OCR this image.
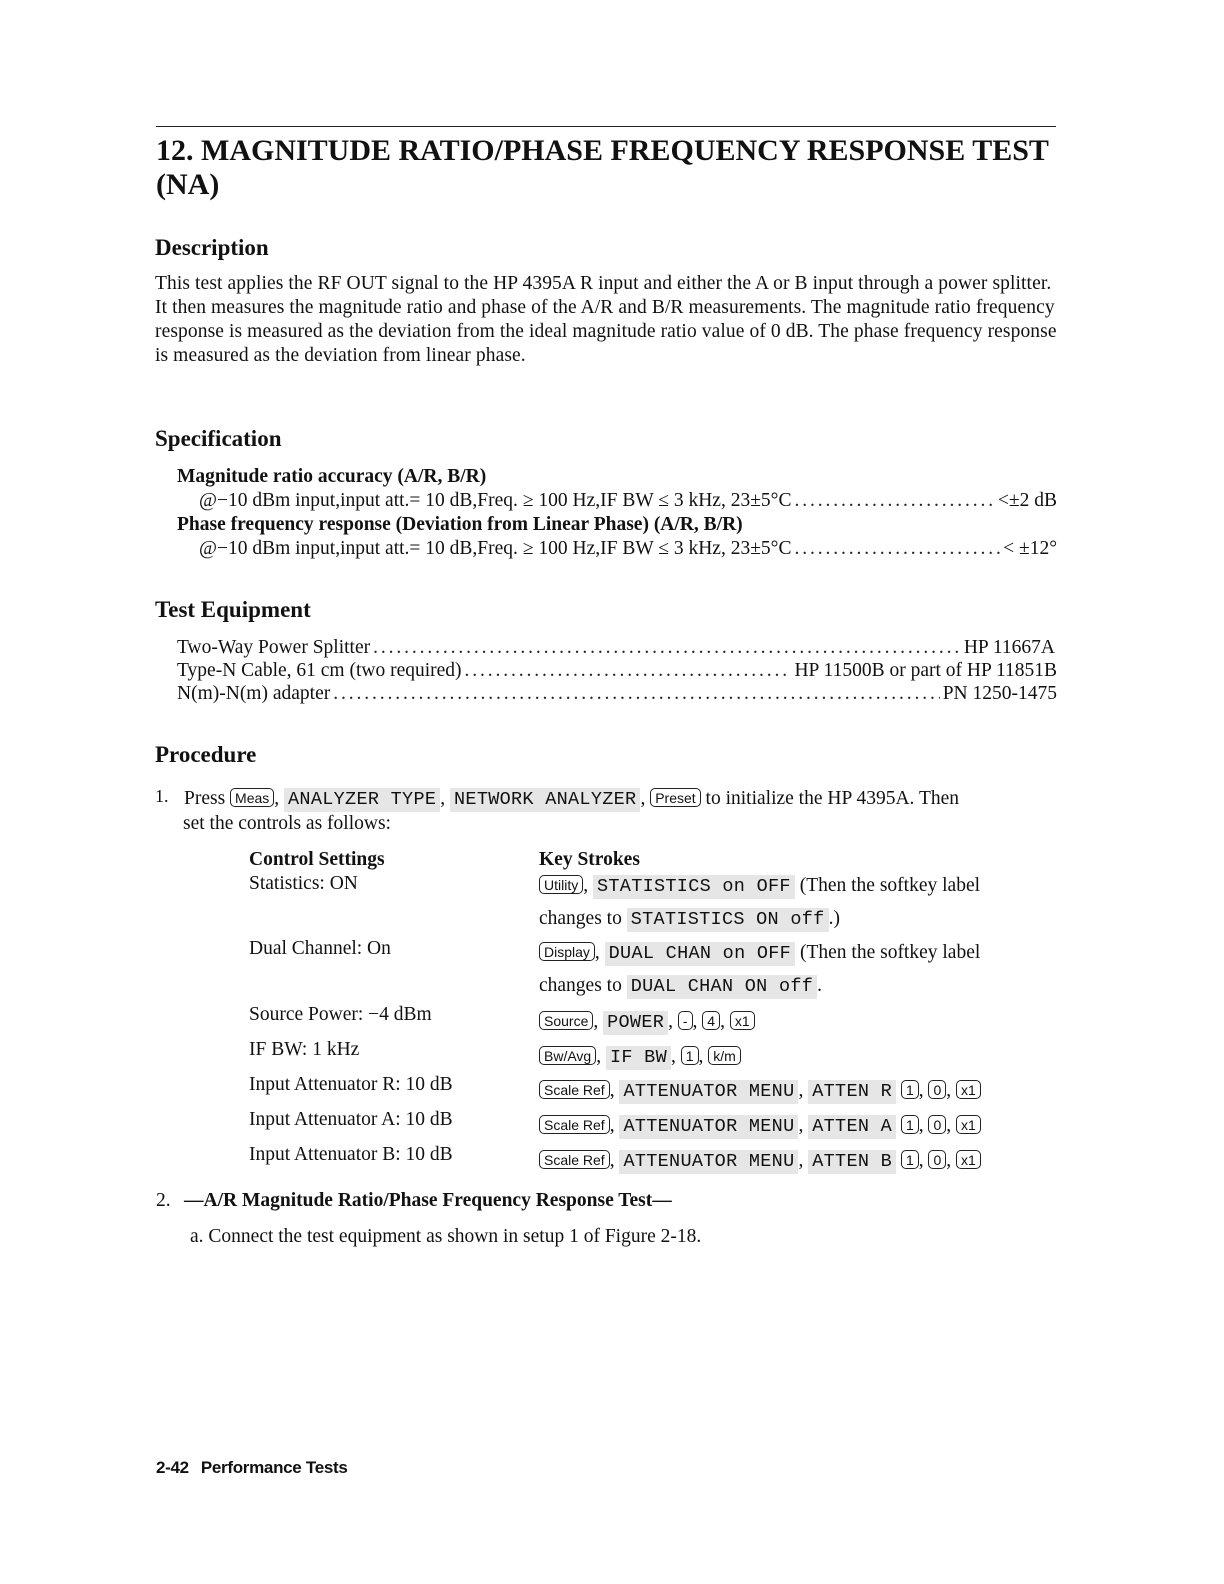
12. MAGNITUDE RATIO/PHASE FREQUENCY RESPONSE TEST (NA)
Description
This test applies the RF OUT signal to the HP 4395A R input and either the A or B input through a power splitter. It then measures the magnitude ratio and phase of the A/R and B/R measurements. The magnitude ratio frequency response is measured as the deviation from the ideal magnitude ratio value of 0 dB. The phase frequency response is measured as the deviation from linear phase.
Specification
Magnitude ratio accuracy (A/R, B/R)
@−10 dBm input,input att.= 10 dB,Freq. ≥ 100 Hz,IF BW ≤ 3 kHz, 23±5°C . . .	<±2 dB
Phase frequency response (Deviation from Linear Phase) (A/R, B/R)
@−10 dBm input,input att.= 10 dB,Freq. ≥ 100 Hz,IF BW ≤ 3 kHz, 23±5°C . . .	< ±12°
Test Equipment
Two-Way Power Splitter . . .	HP 11667A
Type-N Cable, 61 cm (two required) . . .	HP 11500B or part of HP 11851B
N(m)-N(m) adapter . . .	PN 1250-1475
Procedure
1. Press Meas , ANALYZER TYPE , NETWORK ANALYZER , Preset to initialize the HP 4395A. Then
set the controls as follows:
Control Settings	Key Strokes
Statistics: ON	Utility , STATISTICS on OFF (Then the softkey label
changes to STATISTICS ON off .)
Dual Channel: On	Display , DUAL CHAN on OFF (Then the softkey label
changes to DUAL CHAN ON off .
Source Power: −4 dBm	Source , POWER , - , 4 , x1
IF BW: 1 kHz	Bw/Avg , IF BW , 1 , k/m
Input Attenuator R: 10 dB	Scale Ref , ATTENUATOR MENU , ATTEN R 1 , 0 , x1
Input Attenuator A: 10 dB	Scale Ref , ATTENUATOR MENU , ATTEN A 1 , 0 , x1
Input Attenuator B: 10 dB	Scale Ref , ATTENUATOR MENU , ATTEN B 1 , 0 , x1
2. —A/R Magnitude Ratio/Phase Frequency Response Test—
a. Connect the test equipment as shown in setup 1 of Figure 2-18.
2-42 Performance Tests
